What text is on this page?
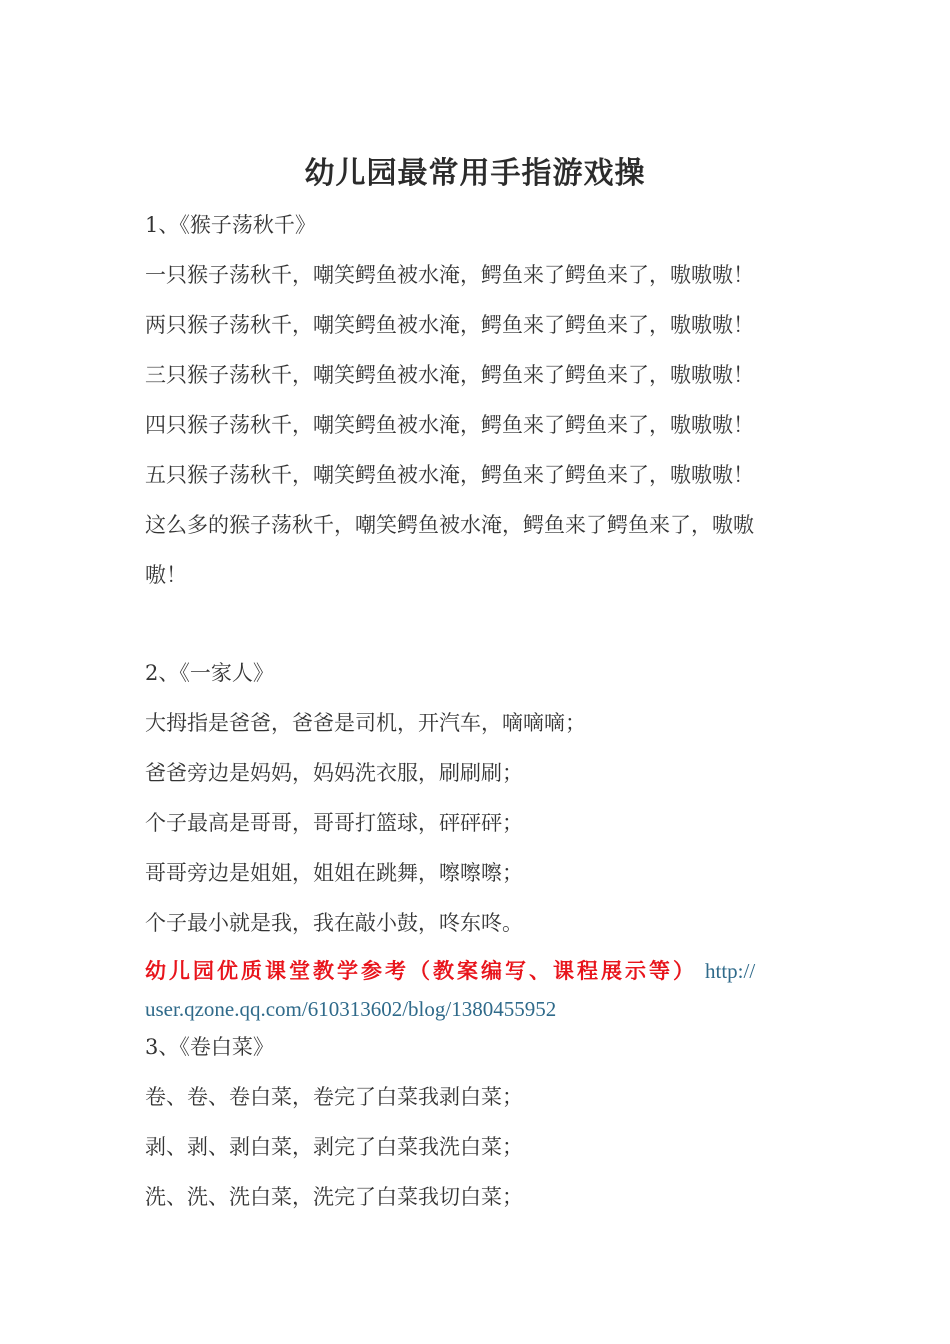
幼儿园最常用手指游戏操
1、《猴子荡秋千》
一只猴子荡秋千，嘲笑鳄鱼被水淹，鳄鱼来了鳄鱼来了，嗷嗷嗷！
两只猴子荡秋千，嘲笑鳄鱼被水淹，鳄鱼来了鳄鱼来了，嗷嗷嗷！
三只猴子荡秋千，嘲笑鳄鱼被水淹，鳄鱼来了鳄鱼来了，嗷嗷嗷！
四只猴子荡秋千，嘲笑鳄鱼被水淹，鳄鱼来了鳄鱼来了，嗷嗷嗷！
五只猴子荡秋千，嘲笑鳄鱼被水淹，鳄鱼来了鳄鱼来了，嗷嗷嗷！
这么多的猴子荡秋千，嘲笑鳄鱼被水淹，鳄鱼来了鳄鱼来了，嗷嗷
嗷！
2、《一家人》
大拇指是爸爸，爸爸是司机，开汽车，嘀嘀嘀；
爸爸旁边是妈妈，妈妈洗衣服，刷刷刷；
个子最高是哥哥，哥哥打篮球，砰砰砰；
哥哥旁边是姐姐，姐姐在跳舞，嚓嚓嚓；
个子最小就是我，我在敲小鼓，咚东咚。
幼儿园优质课堂教学参考（教案编写、课程展示等） http://
user.qzone.qq.com/610313602/blog/1380455952
3、《卷白菜》
卷、卷、卷白菜，卷完了白菜我剥白菜；
剥、剥、剥白菜，剥完了白菜我洗白菜；
洗、洗、洗白菜，洗完了白菜我切白菜；
